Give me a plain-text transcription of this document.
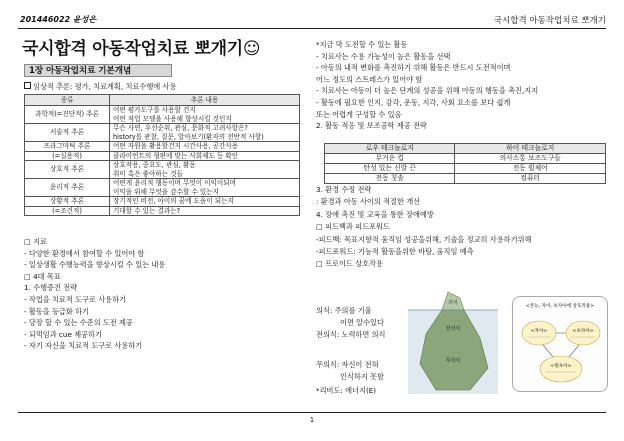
201446022 윤성은	국시합격 아동작업치료 뽀개기
국시합격 아동작업치료 뽀개기☺
1장 아동작업치료 기본개념
임상적 추론: 평가, 치료계획, 치료수행에 사용
종류	추론 내용
과학적(=진단적) 추론	어떤 평가도구를 사용할 건지
어떤 작업 모델을 사용해 향상시킬 것인지

서술적 추론	무슨 사연, 우선순위, 관심, 문화적 고려사항은?
history를 관찰, 질문, 알아보기(환자의 전반적 사항)

프라그마틱 추론	어떤 자원을 활용할건지 시간사용, 공간사용

(=실용적)	클라이언트의 형편에 맞는 사회제도 등 확인

상호적 추론	상호작용, 중요도, 관심, 활동
취미 혹은 좋아하는 것들

윤리적 추론	어떤게 윤리적 행동이며 무엇이 이익이되며
이익을 위해 무엇을 감수할 수 있는지

상황적 추론	장기적인 비전, 아이의 꿈에 도움이 되는지

(=조건적)	기대할 수 있는 결과는?
□ 지료
- 다양한 환경에서 참여할 수 있어야 함
- 일상생활 수행능력을 향상시킬 수 있는 내용
□ 4대 목표
1. 수행증진 전략
- 작업을 치료적 도구로 사용하기
- 활동을 등급화 하기
- 당장 할 수 있는 수준의 도전 제공
- 되먹임과 cue 제공하기
- 자기 자신을 치료적 도구로 사용하기
*지금 막 도전할 수 있는 활동
- 치료사는 수용 가능성이 높은 활동을 선택
- 아동의 내적 변화를 촉진하기 위해 활동은 반드시 도전적이며
어느 정도의 스트레스가 있어야 함
- 치료사는 아동이 더 높은 단계의 성공을 위해 아동의 행동을 촉진,지지
- 활동에 필요한 인지, 감각, 운동, 지각, 사회 요소를 보다 쉽게
또는 어렵게 구성할 수 있음
2. 활동 적응 및 보조공학 제공 전략
로우 테크놀로지	하이 테크놀로지
무거운 컵	의사소통 보조도구들
탄성 있는 신발 끈	전동 휠체어
전동 칫솔	컴퓨터
3. 환경 수정 전략
: 환경과 아동 사이의 적절한 개선
4. 장애 촉진 및 교육을 통한 장애예방
□ 피드백과 피드포워드
-피드백: 목표지향적 움직임 성공을위해, 기술을 정교히 사용하기위해
-피드포워드: 기능적 활동을위한 바탕, 움직임 예측
□ 프로이드 상호작용
의식: 주의를 기울
이면 알수있다
전의식: 노력하면 의식
무의식: 자신이 전혀
인식하지 못함
*리비도: 에너지(E)
의식
전의식
무의식
<본능, 자아, 초자아에 상호작용>
<자아>	<초자아>
<원초아>
1
